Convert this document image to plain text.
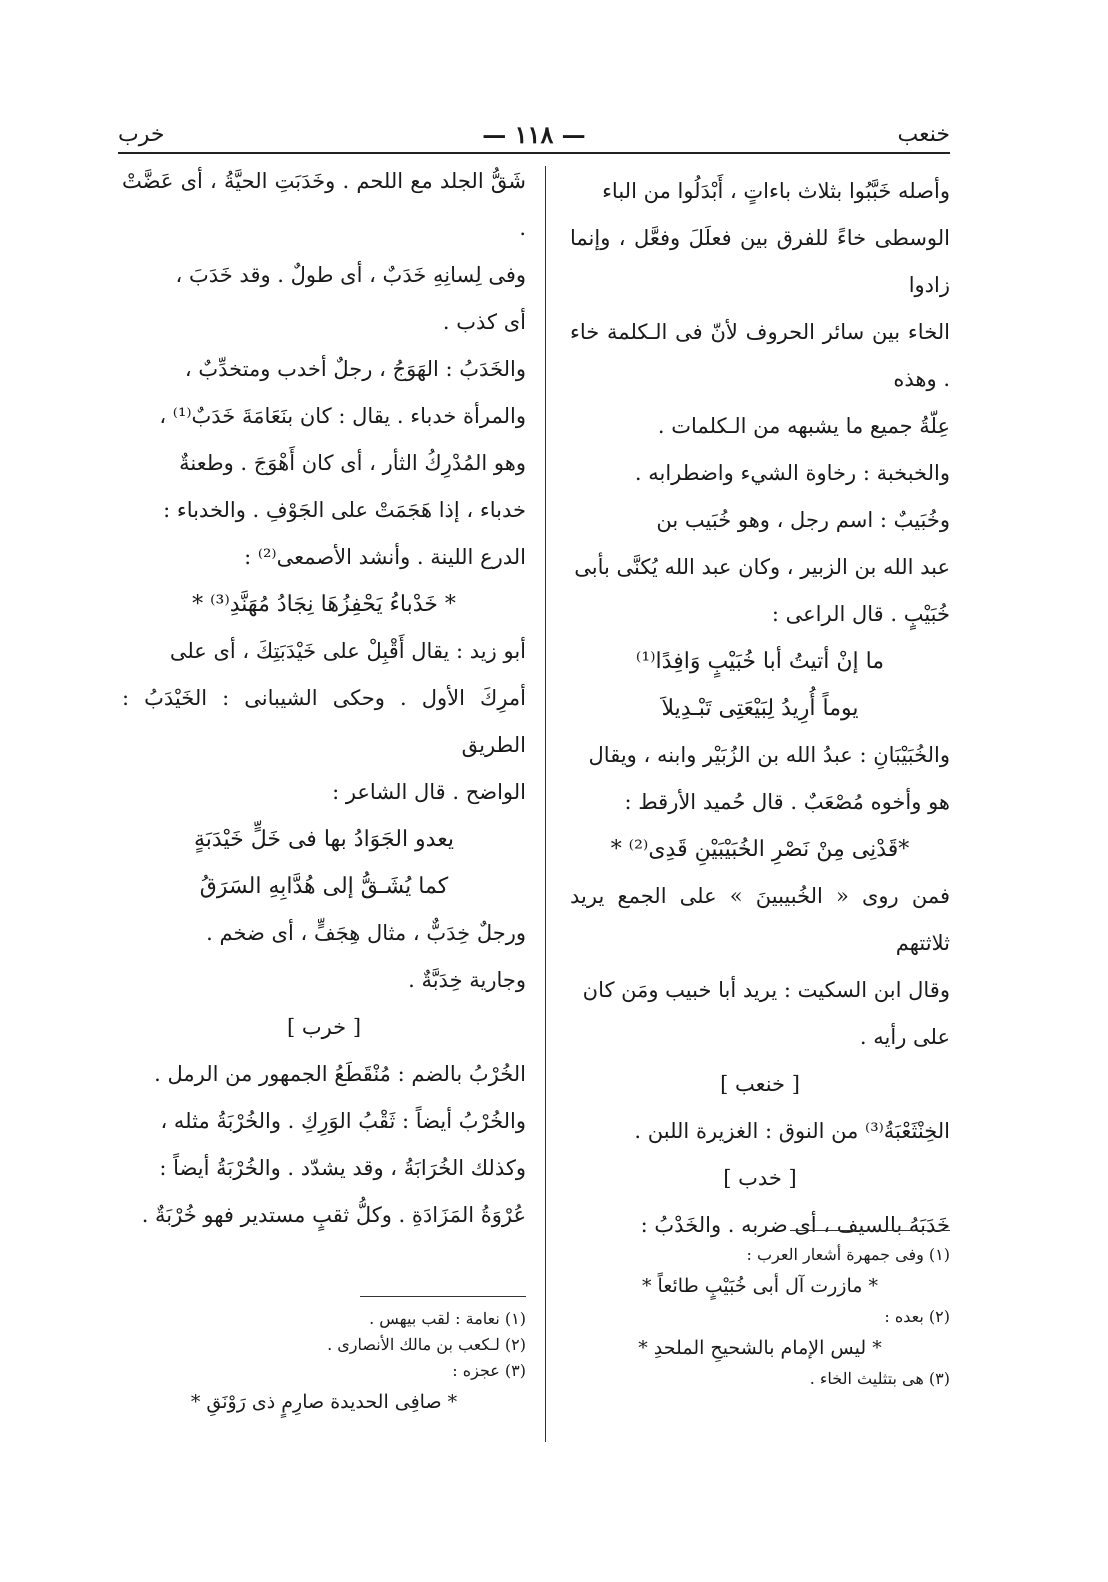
خنعب
— ١١٨ —
خرب

وأصله خَبَّبُوا بثلاث باءاتٍ ، أَبْدَلُوا من الباء

الوسطى خاءً للفرق بين فعلَلَ وفعَّل ، وإنما زادوا

الخاء بين سائر الحروف لأنّ فى الـكلمة خاء . وهذه

عِلّةُ جميع ما يشبهه من الـكلمات .

والخبخبة : رخاوة الشيء واضطرابه .

وخُبَيبٌ : اسم رجل ، وهو خُبَيب بن

عبد الله بن الزبير ، وكان عبد الله يُكنَّى بأبى

خُبَيْبٍ . قال الراعى :

ما إنْ أتيتُ أبا خُبَيْبٍ وَافِدًا⁽¹⁾

يوماً أُرِيدُ لِبَيْعَتِى تَبْـدِيلاَ

والخُبَيْبَانِ : عبدُ الله بن الزُبَيْر وابنه ، ويقال

هو وأخوه مُصْعَبٌ . قال حُميد الأرقط :

*قَدْنِى مِنْ نَصْرِ الخُبَيْبَيْنِ قَدِى⁽²⁾ *

فمن روى « الخُبيبينَ » على الجمع يريد ثلاثتهم

وقال ابن السكيت : يريد أبا خبيب ومَن كان

على رأيه .

[ خنعب ]

الخِنْثَعْبَةُ⁽³⁾ من النوق : الغزيرة اللبن .

[ خدب ]

خَدَبَهُ بالسيف ، أى ضربه . والخَدْبُ :

شَقُّ الجلد مع اللحم . وخَدَبَتِ الحيَّةُ ، أى عَضَّتْ .

وفى لِسانِهِ خَدَبٌ ، أى طولٌ . وقد خَدَبَ ،

أى كذب .

والخَدَبُ : الهَوَجُ ، رجلٌ أخدب ومتخدِّبٌ ،

والمرأة خدباء . يقال : كان بنَعَامَةَ خَدَبٌ⁽¹⁾ ،

وهو المُدْرِكُ الثأر ، أى كان أَهْوَجَ . وطعنةٌ

خدباء ، إذا هَجَمَتْ على الجَوْفِ . والخدباء :

الدرع اللينة . وأنشد الأصمعى⁽²⁾ :

* خَدْباءُ يَحْفِزُهَا نِجَادُ مُهَنَّدِ⁽³⁾ *

أبو زيد : يقال أَقْبِلْ على خَيْدَبَتِكَ ، أى على

أمرِكَ الأول . وحكى الشيبانى : الخَيْدَبُ : الطريق

الواضح . قال الشاعر :

يعدو الجَوَادُ بها فى خَلٍّ خَيْدَبَةٍ

كما يُشَـقُّ إلى هُدَّابِهِ السَرَقُ

ورجلٌ خِدَبٌّ ، مثال هِجَفٍّ ، أى ضخم .

وجارية خِدَبَّةٌ .

[ خرب ]

الخُرْبُ بالضم : مُنْقَطَعُ الجمهور من الرمل .

والخُرْبُ أيضاً : ثَقْبُ الوَرِكِ . والخُرْبَةُ مثله ،

وكذلك الخُرَابَةُ ، وقد يشدّد . والخُرْبَةُ أيضاً :

عُرْوَةُ المَزَادَةِ . وكلُّ ثقبٍ مستدير فهو خُرْبَةٌ .

(١) وفى جمهرة أشعار العرب :

* مازرت آل أبى خُبَيْبٍ طائعاً *

(٢) بعده :

* ليس الإمام بالشحيحِ الملحدِ *

(٣) هى بتثليث الخاء .

(١) نعامة : لقب بيهس .

(٢) لـكعب بن مالك الأنصارى .

(٣) عجزه :

* صافِى الحديدة صارِمٍ ذى رَوْنَقِ *
